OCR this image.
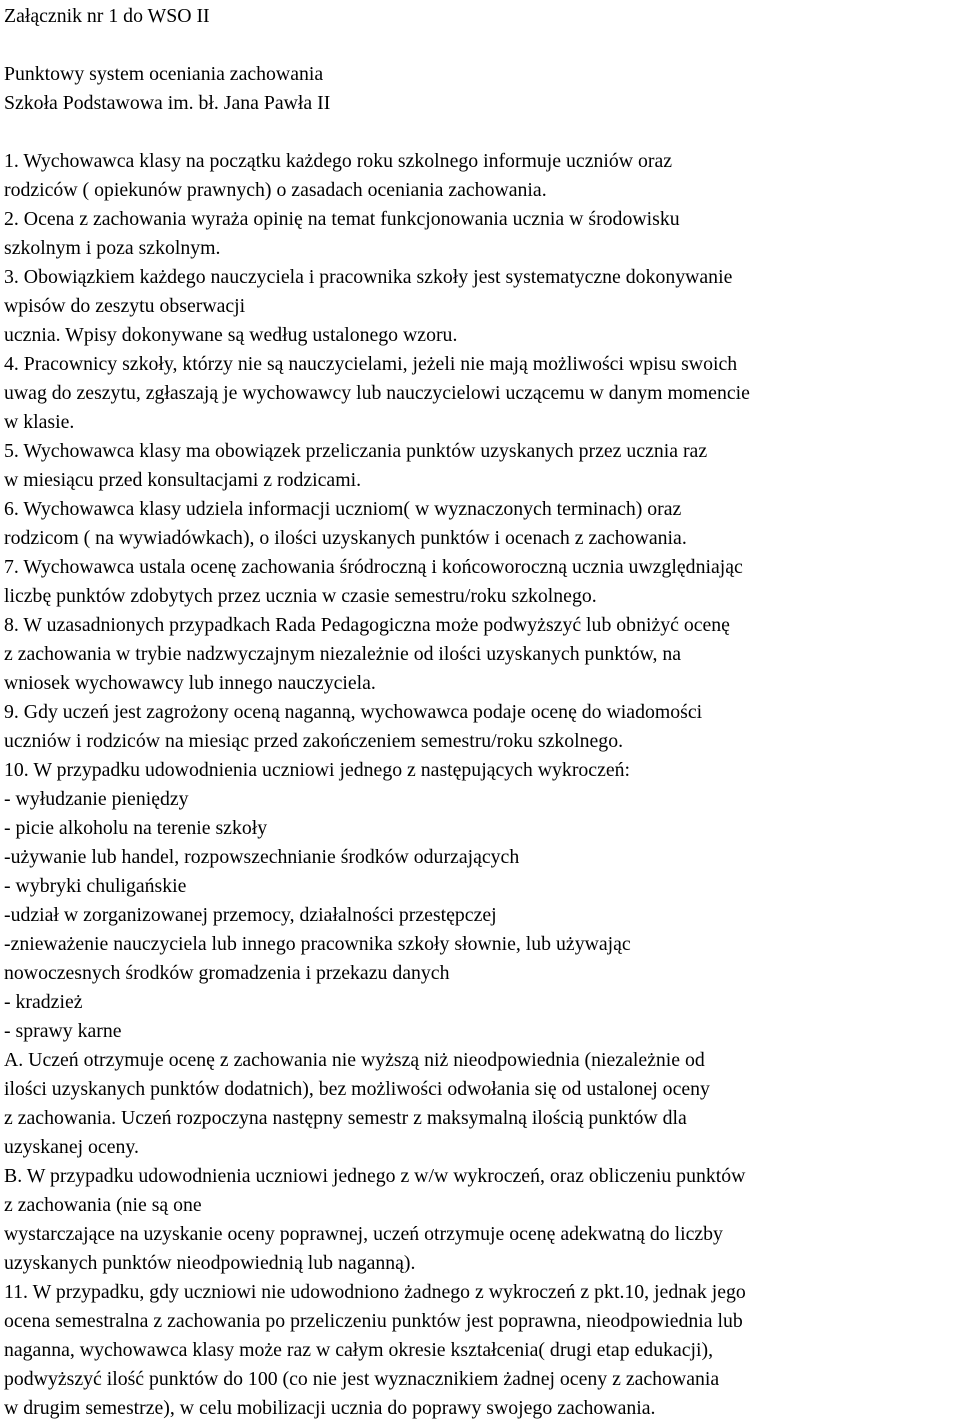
Załącznik nr 1 do WSO II
Punktowy system oceniania zachowania
Szkoła Podstawowa im. bł. Jana Pawła II
1. Wychowawca klasy na początku każdego roku szkolnego informuje uczniów oraz
rodziców ( opiekunów prawnych) o zasadach oceniania zachowania.
2. Ocena z zachowania wyraża opinię na temat funkcjonowania ucznia w środowisku
szkolnym i poza szkolnym.
3. Obowiązkiem każdego nauczyciela i pracownika szkoły jest systematyczne dokonywanie
wpisów do zeszytu obserwacji
ucznia. Wpisy dokonywane są według ustalonego wzoru.
4. Pracownicy szkoły, którzy nie są nauczycielami, jeżeli nie mają możliwości wpisu swoich
uwag do zeszytu, zgłaszają je wychowawcy lub nauczycielowi uczącemu w danym momencie
w klasie.
5. Wychowawca klasy ma obowiązek przeliczania punktów uzyskanych przez ucznia raz
w miesiącu przed konsultacjami z rodzicami.
6. Wychowawca klasy udziela informacji uczniom( w wyznaczonych terminach) oraz
rodzicom ( na wywiadówkach), o ilości uzyskanych punktów i ocenach z zachowania.
7. Wychowawca ustala ocenę zachowania śródroczną i końcoworoczną ucznia uwzględniając
liczbę punktów zdobytych przez ucznia w czasie semestru/roku szkolnego.
8. W uzasadnionych przypadkach Rada Pedagogiczna może podwyższyć lub obniżyć ocenę
z zachowania w trybie nadzwyczajnym niezależnie od ilości uzyskanych punktów, na
wniosek wychowawcy lub innego nauczyciela.
9. Gdy uczeń jest zagrożony oceną naganną, wychowawca podaje ocenę do wiadomości
uczniów i rodziców na miesiąc przed zakończeniem semestru/roku szkolnego.
10. W przypadku udowodnienia uczniowi jednego z następujących wykroczeń:
- wyłudzanie pieniędzy
- picie alkoholu na terenie szkoły
-używanie lub handel, rozpowszechnianie środków odurzających
- wybryki chuligańskie
-udział w zorganizowanej przemocy, działalności przestępczej
-znieważenie nauczyciela lub innego pracownika szkoły słownie, lub używając
nowoczesnych środków gromadzenia i przekazu danych
- kradzież
- sprawy karne
A. Uczeń otrzymuje ocenę z zachowania nie wyższą niż nieodpowiednia (niezależnie od
ilości uzyskanych punktów dodatnich), bez możliwości odwołania się od ustalonej oceny
z zachowania. Uczeń rozpoczyna następny semestr z maksymalną ilością punktów dla
uzyskanej oceny.
B. W przypadku udowodnienia uczniowi jednego z w/w wykroczeń, oraz obliczeniu punktów
z zachowania (nie są one
wystarczające na uzyskanie oceny poprawnej, uczeń otrzymuje ocenę adekwatną do liczby
uzyskanych punktów nieodpowiednią lub naganną).
11. W przypadku, gdy uczniowi nie udowodniono żadnego z wykroczeń z pkt.10, jednak jego
ocena semestralna z zachowania po przeliczeniu punktów jest poprawna, nieodpowiednia lub
naganna, wychowawca klasy może raz w całym okresie kształcenia( drugi etap edukacji),
podwyższyć ilość punktów do 100 (co nie jest wyznacznikiem żadnej oceny z zachowania
w drugim semestrze), w celu mobilizacji ucznia do poprawy swojego zachowania.
